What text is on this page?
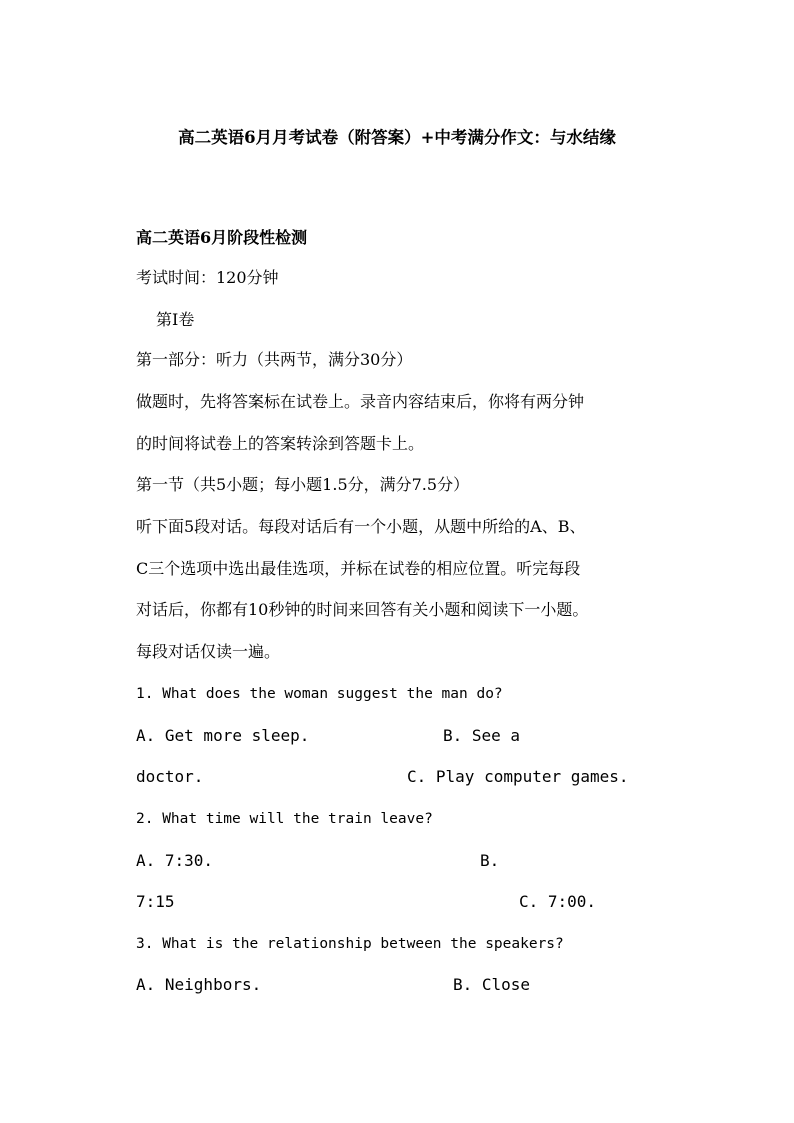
高二英语6月月考试卷（附答案）+中考满分作文：与水结缘
高二英语6月阶段性检测
考试时间：120分钟
第Ⅰ卷
第一部分：听力（共两节，满分30分）
做题时，先将答案标在试卷上。录音内容结束后，你将有两分钟
的时间将试卷上的答案转涂到答题卡上。
第一节（共5小题；每小题1.5分，满分7.5分）
听下面5段对话。每段对话后有一个小题，从题中所给的A、B、
C三个选项中选出最佳选项，并标在试卷的相应位置。听完每段
对话后，你都有10秒钟的时间来回答有关小题和阅读下一小题。
每段对话仅读一遍。
1. What does the woman suggest the man do?
A. Get more sleep.	B. See a
doctor.	C. Play computer games.
2. What time will the train leave?
A. 7:30.	B.
7:15	C. 7:00.
3. What is the relationship between the speakers?
A. Neighbors.	B. Close
